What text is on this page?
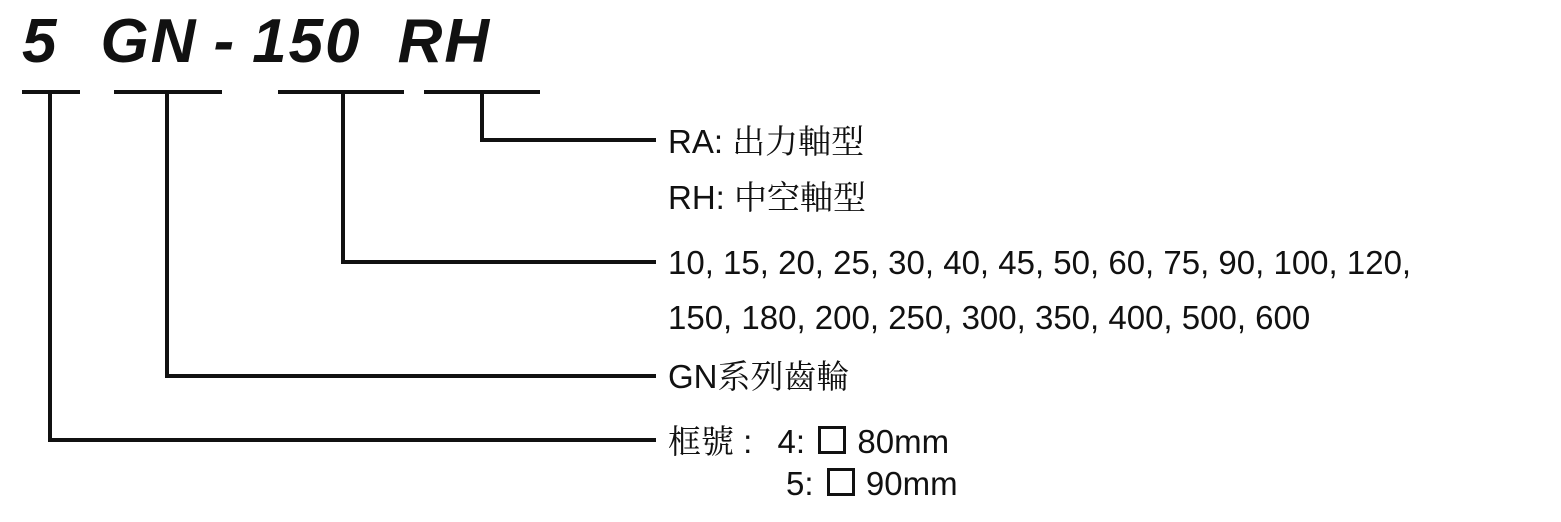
5 GN - 150 RH
RA: 出力軸型
RH: 中空軸型
10, 15, 20, 25, 30, 40, 45, 50, 60, 75, 90, 100, 120,
150, 180, 200, 250, 300, 350, 400, 500, 600
GN系列齒輪
框號 : 4: 80mm
5: 90mm
